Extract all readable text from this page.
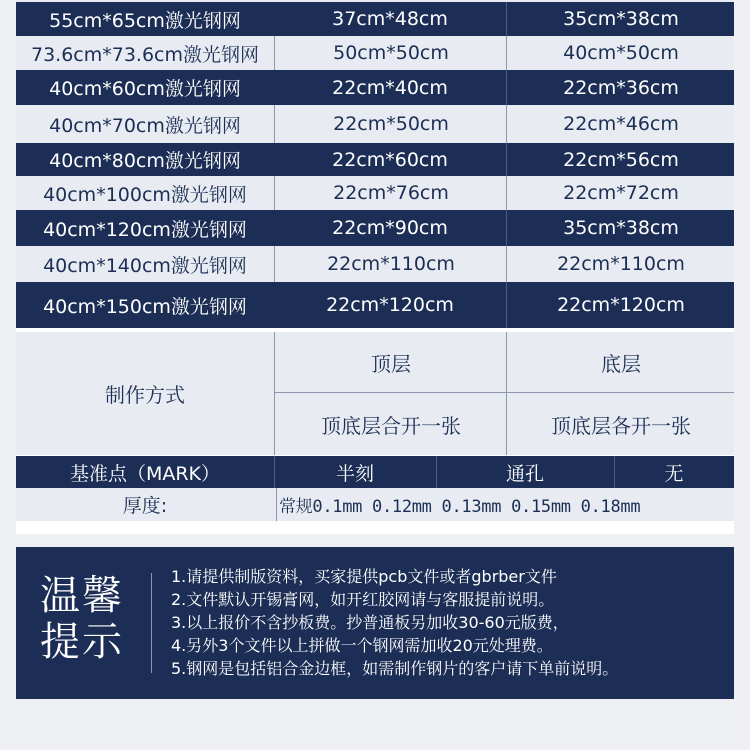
55cm*65cm激光钢网	37cm*48cm	35cm*38cm
73.6cm*73.6cm激光钢网	50cm*50cm	40cm*50cm
40cm*60cm激光钢网	22cm*40cm	22cm*36cm
40cm*70cm激光钢网	22cm*50cm	22cm*46cm
40cm*80cm激光钢网	22cm*60cm	22cm*56cm
40cm*100cm激光钢网	22cm*76cm	22cm*72cm
40cm*120cm激光钢网	22cm*90cm	35cm*38cm
40cm*140cm激光钢网	22cm*110cm	22cm*110cm
40cm*150cm激光钢网	22cm*120cm	22cm*120cm
制作方式
顶层	底层
顶底层合开一张	顶底层各开一张
基准点（MARK）	半刻	通孔	无
厚度:	常规0.1mm 0.12mm 0.13mm 0.15mm 0.18mm
温馨
提示
1.请提供制版资料，买家提供pcb文件或者gbrber文件
2.文件默认开锡膏网，如开红胶网请与客服提前说明。
3.以上报价不含抄板费。抄普通板另加收30-60元版费，
4.另外3个文件以上拼做一个钢网需加收20元处理费。
5.钢网是包括铝合金边框，如需制作钢片的客户请下单前说明。
